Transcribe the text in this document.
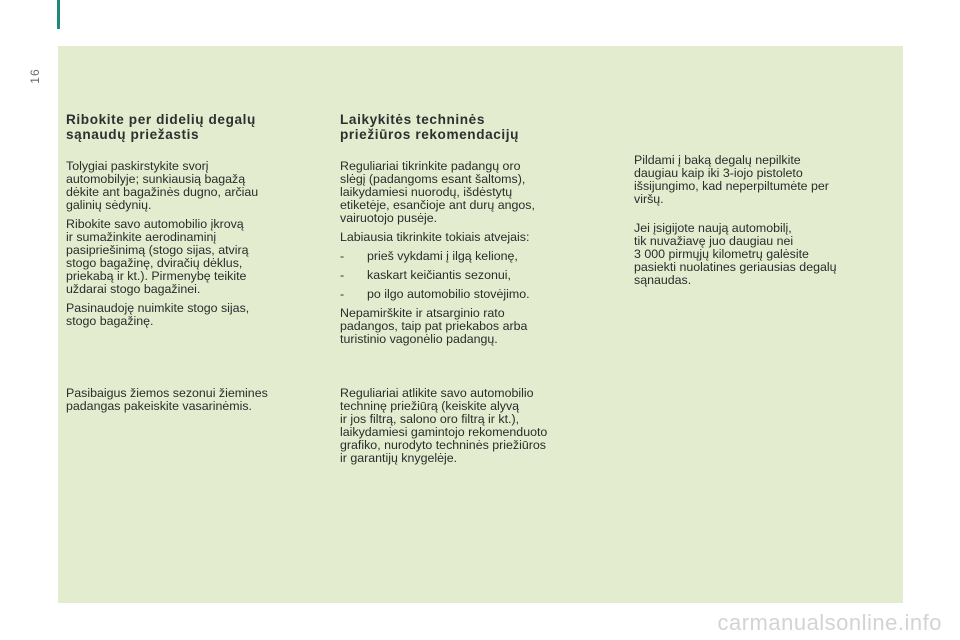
16
Ribokite per didelių degalų
sąnaudų priežastis

Tolygiai paskirstykite svorį
automobilyje; sunkiausią bagažą
dėkite ant bagažinės dugno, arčiau
galinių sėdynių.

Ribokite savo automobilio įkrovą
ir sumažinkite aerodinaminį
pasipriešinimą (stogo sijas, atvirą
stogo bagažinę, dviračių dėklus,
priekabą ir kt.). Pirmenybę teikite
uždarai stogo bagažinei.

Pasinaudoję nuimkite stogo sijas,
stogo bagažinę.

Pasibaigus žiemos sezonui žiemines
padangas pakeiskite vasarinėmis.

Laikykitės techninės
priežiūros rekomendacijų

Reguliariai tikrinkite padangų oro
slėgį (padangoms esant šaltoms),
laikydamiesi nuorodų, išdėstytų
etiketėje, esančioje ant durų angos,
vairuotojo pusėje.

Labiausia tikrinkite tokiais atvejais:

- prieš vykdami į ilgą kelionę,
- kaskart keičiantis sezonui,
- po ilgo automobilio stovėjimo.

Nepamirškite ir atsarginio rato
padangos, taip pat priekabos arba
turistinio vagonėlio padangų.

Reguliariai atlikite savo automobilio
techninę priežiūrą (keiskite alyvą
ir jos filtrą, salono oro filtrą ir kt.),
laikydamiesi gamintojo rekomenduoto
grafiko, nurodyto techninės priežiūros
ir garantijų knygelėje.

Pildami į baką degalų nepilkite
daugiau kaip iki 3-iojo pistoleto
išsijungimo, kad neperpiltumėte per
viršų.

Jei įsigijote naują automobilį,
tik nuvažiavę juo daugiau nei
3 000 pirmųjų kilometrų galėsite
pasiekti nuolatines geriausias degalų
sąnaudas.

carmanualsonline.info
